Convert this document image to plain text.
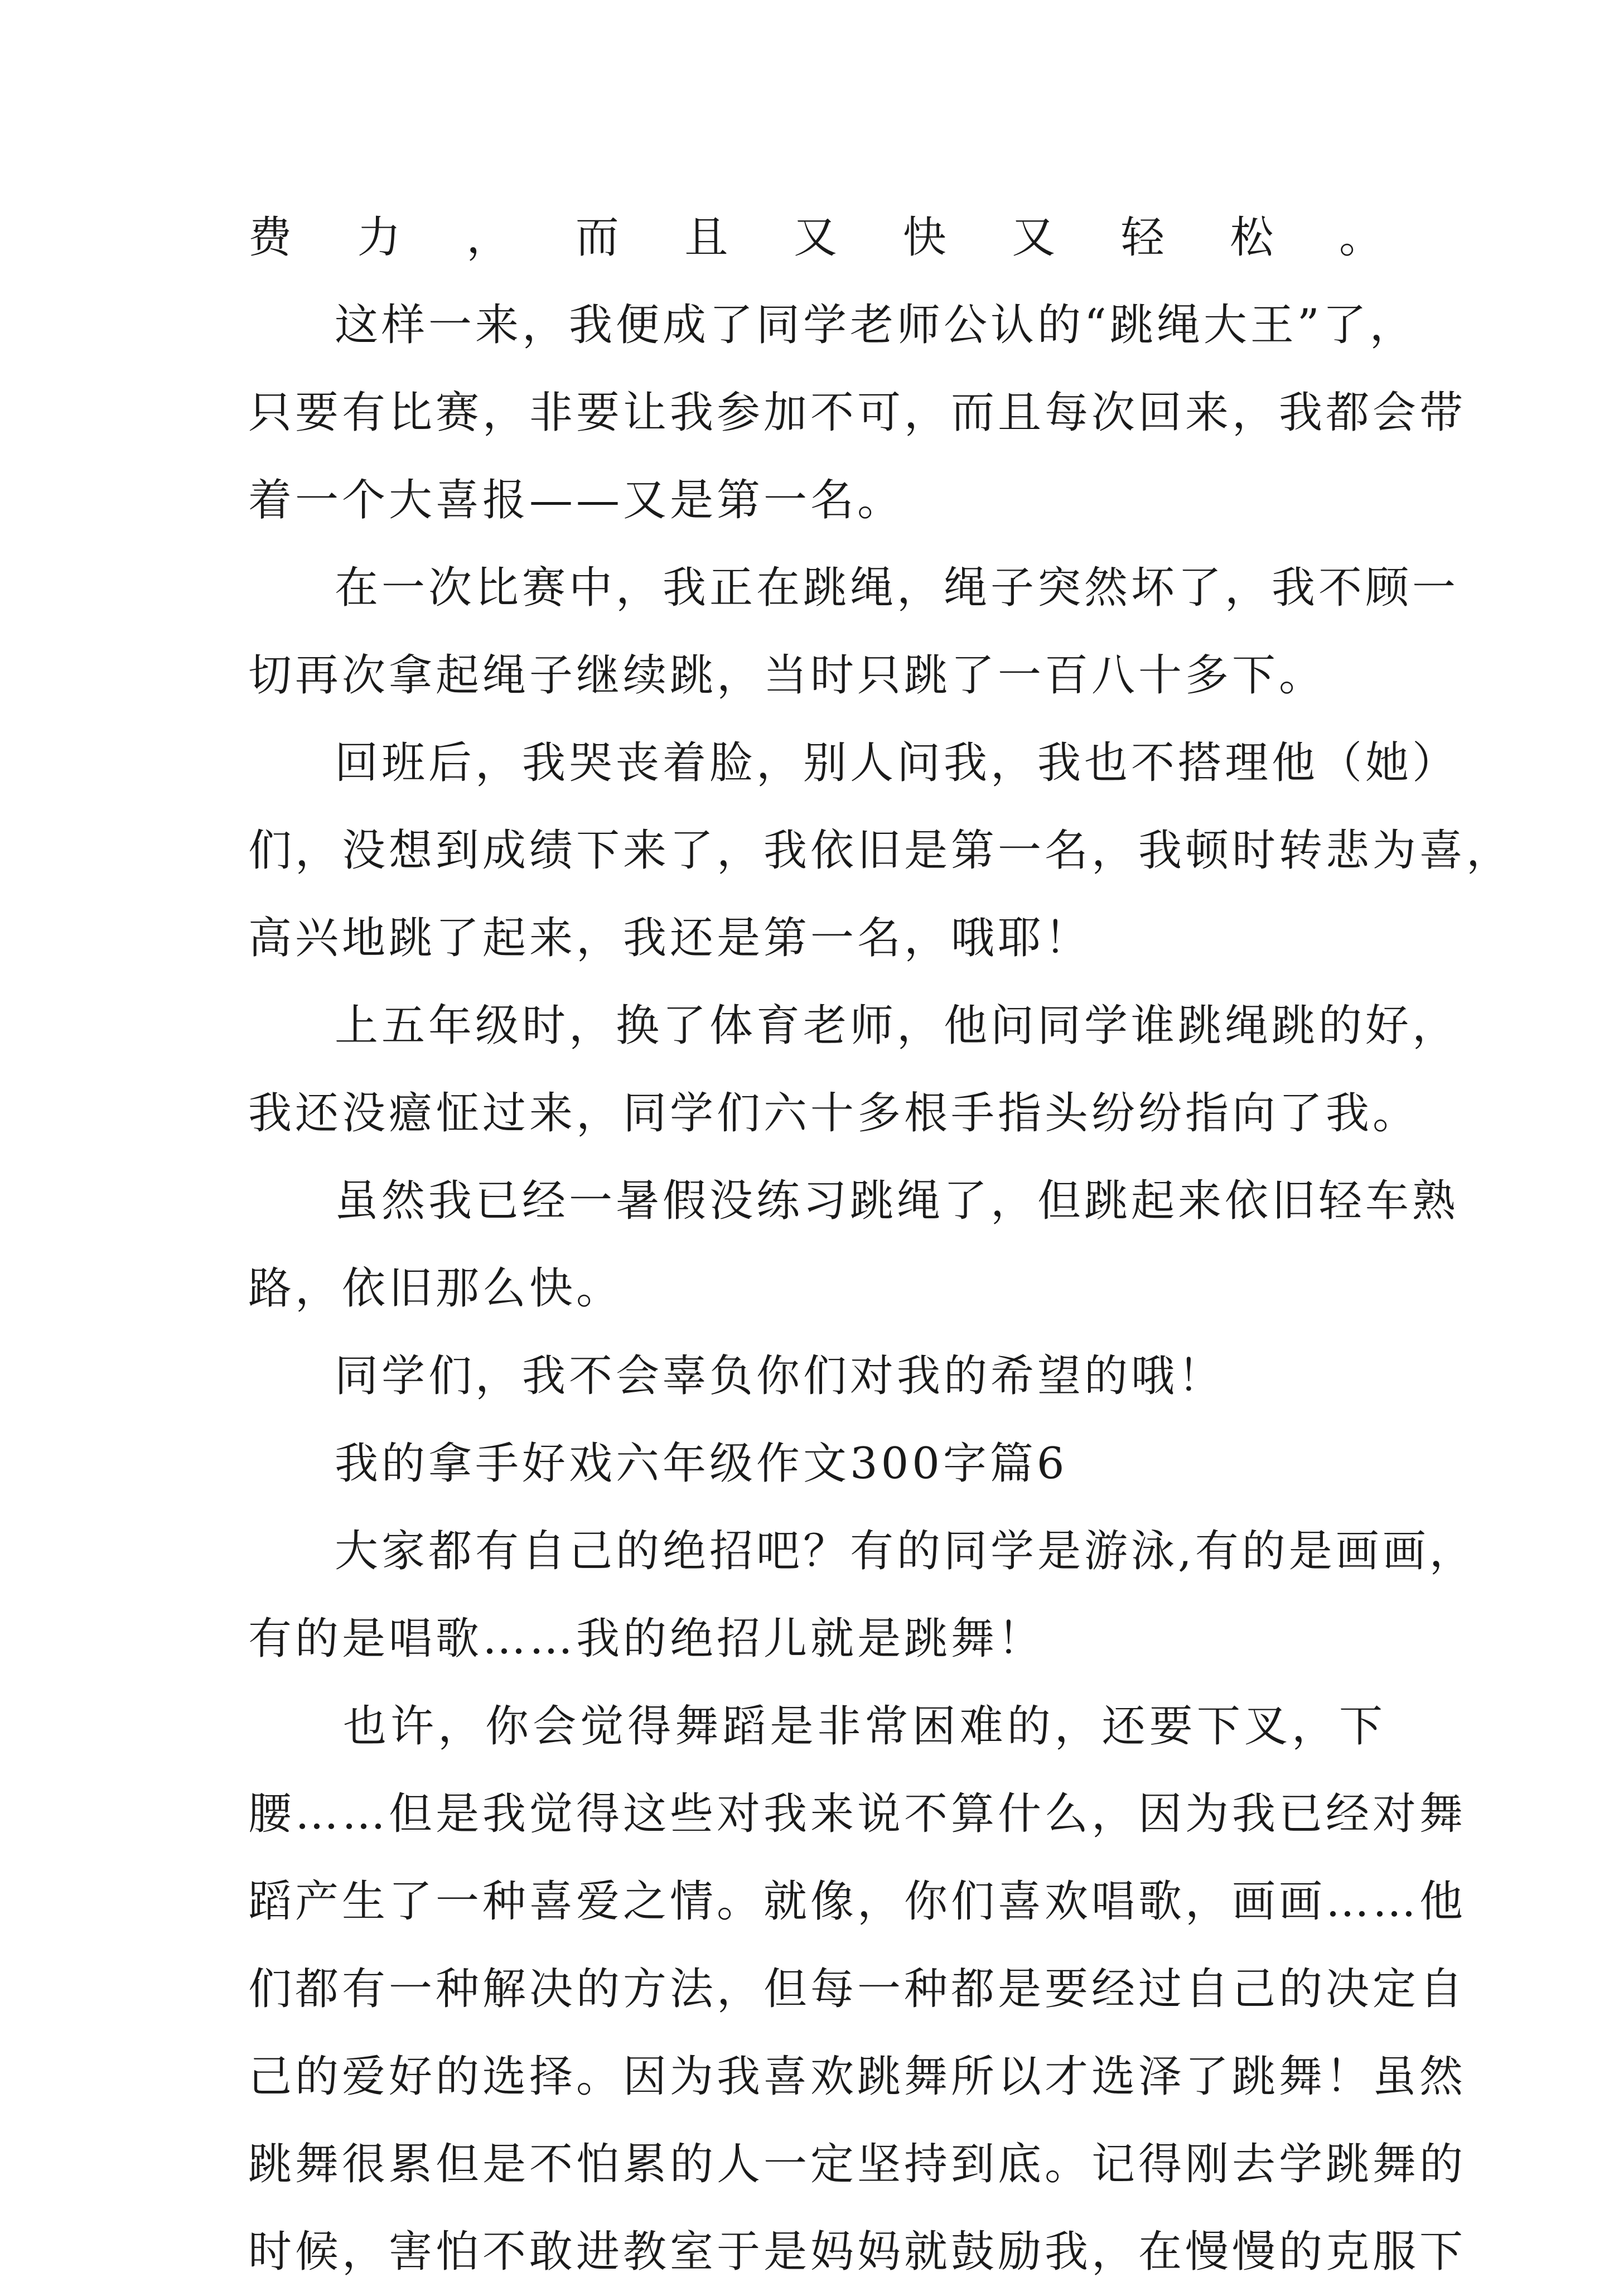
费力，而且又快又轻松。
这样一来，我便成了同学老师公认的“跳绳大王”了，
只要有比赛，非要让我参加不可，而且每次回来，我都会带
着一个大喜报——又是第一名。
在一次比赛中，我正在跳绳，绳子突然坏了，我不顾一
切再次拿起绳子继续跳，当时只跳了一百八十多下。
回班后，我哭丧着脸，别人问我，我也不搭理他（她）
们，没想到成绩下来了，我依旧是第一名，我顿时转悲为喜，
高兴地跳了起来，我还是第一名，哦耶！
上五年级时，换了体育老师，他问同学谁跳绳跳的好，
我还没癔怔过来，同学们六十多根手指头纷纷指向了我。
虽然我已经一暑假没练习跳绳了，但跳起来依旧轻车熟
路，依旧那么快。
同学们，我不会辜负你们对我的希望的哦！
我的拿手好戏六年级作文300字篇6
大家都有自己的绝招吧？有的同学是游泳,有的是画画，
有的是唱歌……我的绝招儿就是跳舞！
也许，你会觉得舞蹈是非常困难的，还要下叉，下
腰……但是我觉得这些对我来说不算什么，因为我已经对舞
蹈产生了一种喜爱之情。就像，你们喜欢唱歌，画画……他
们都有一种解决的方法，但每一种都是要经过自己的决定自
己的爱好的选择。因为我喜欢跳舞所以才选泽了跳舞！虽然
跳舞很累但是不怕累的人一定坚持到底。记得刚去学跳舞的
时候，害怕不敢进教室于是妈妈就鼓励我，在慢慢的克服下
